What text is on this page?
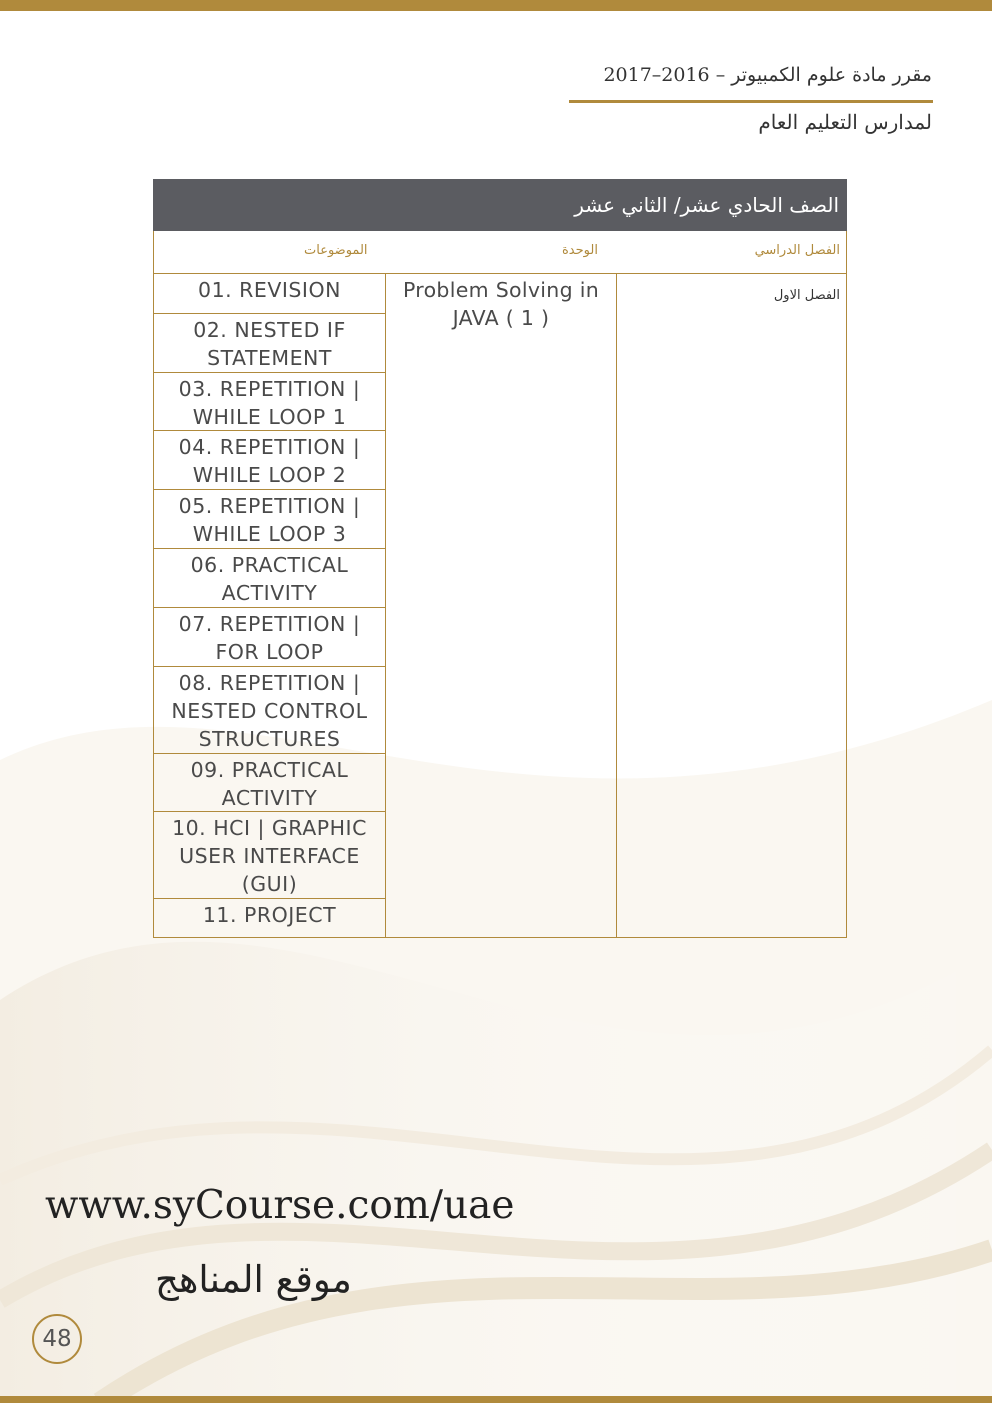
مقرر مادة علوم الكمبيوتر – 2016–2017
لمدارس التعليم العام
الصف الحادي عشر/ الثاني عشر
الموضوعات	الوحدة	الفصل الدراسي
01. REVISION
02. NESTED IF STATEMENT
03. REPETITION | WHILE LOOP 1
04. REPETITION | WHILE LOOP 2
05. REPETITION | WHILE LOOP 3
06. PRACTICAL ACTIVITY
07. REPETITION | FOR LOOP
08. REPETITION | NESTED CONTROL STRUCTURES
09. PRACTICAL ACTIVITY
10. HCI | GRAPHIC USER INTERFACE (GUI)
11. PROJECT
Problem Solving in JAVA ( 1 )
الفصل الاول
www.syCourse.com/uae
موقع المناهج
48
